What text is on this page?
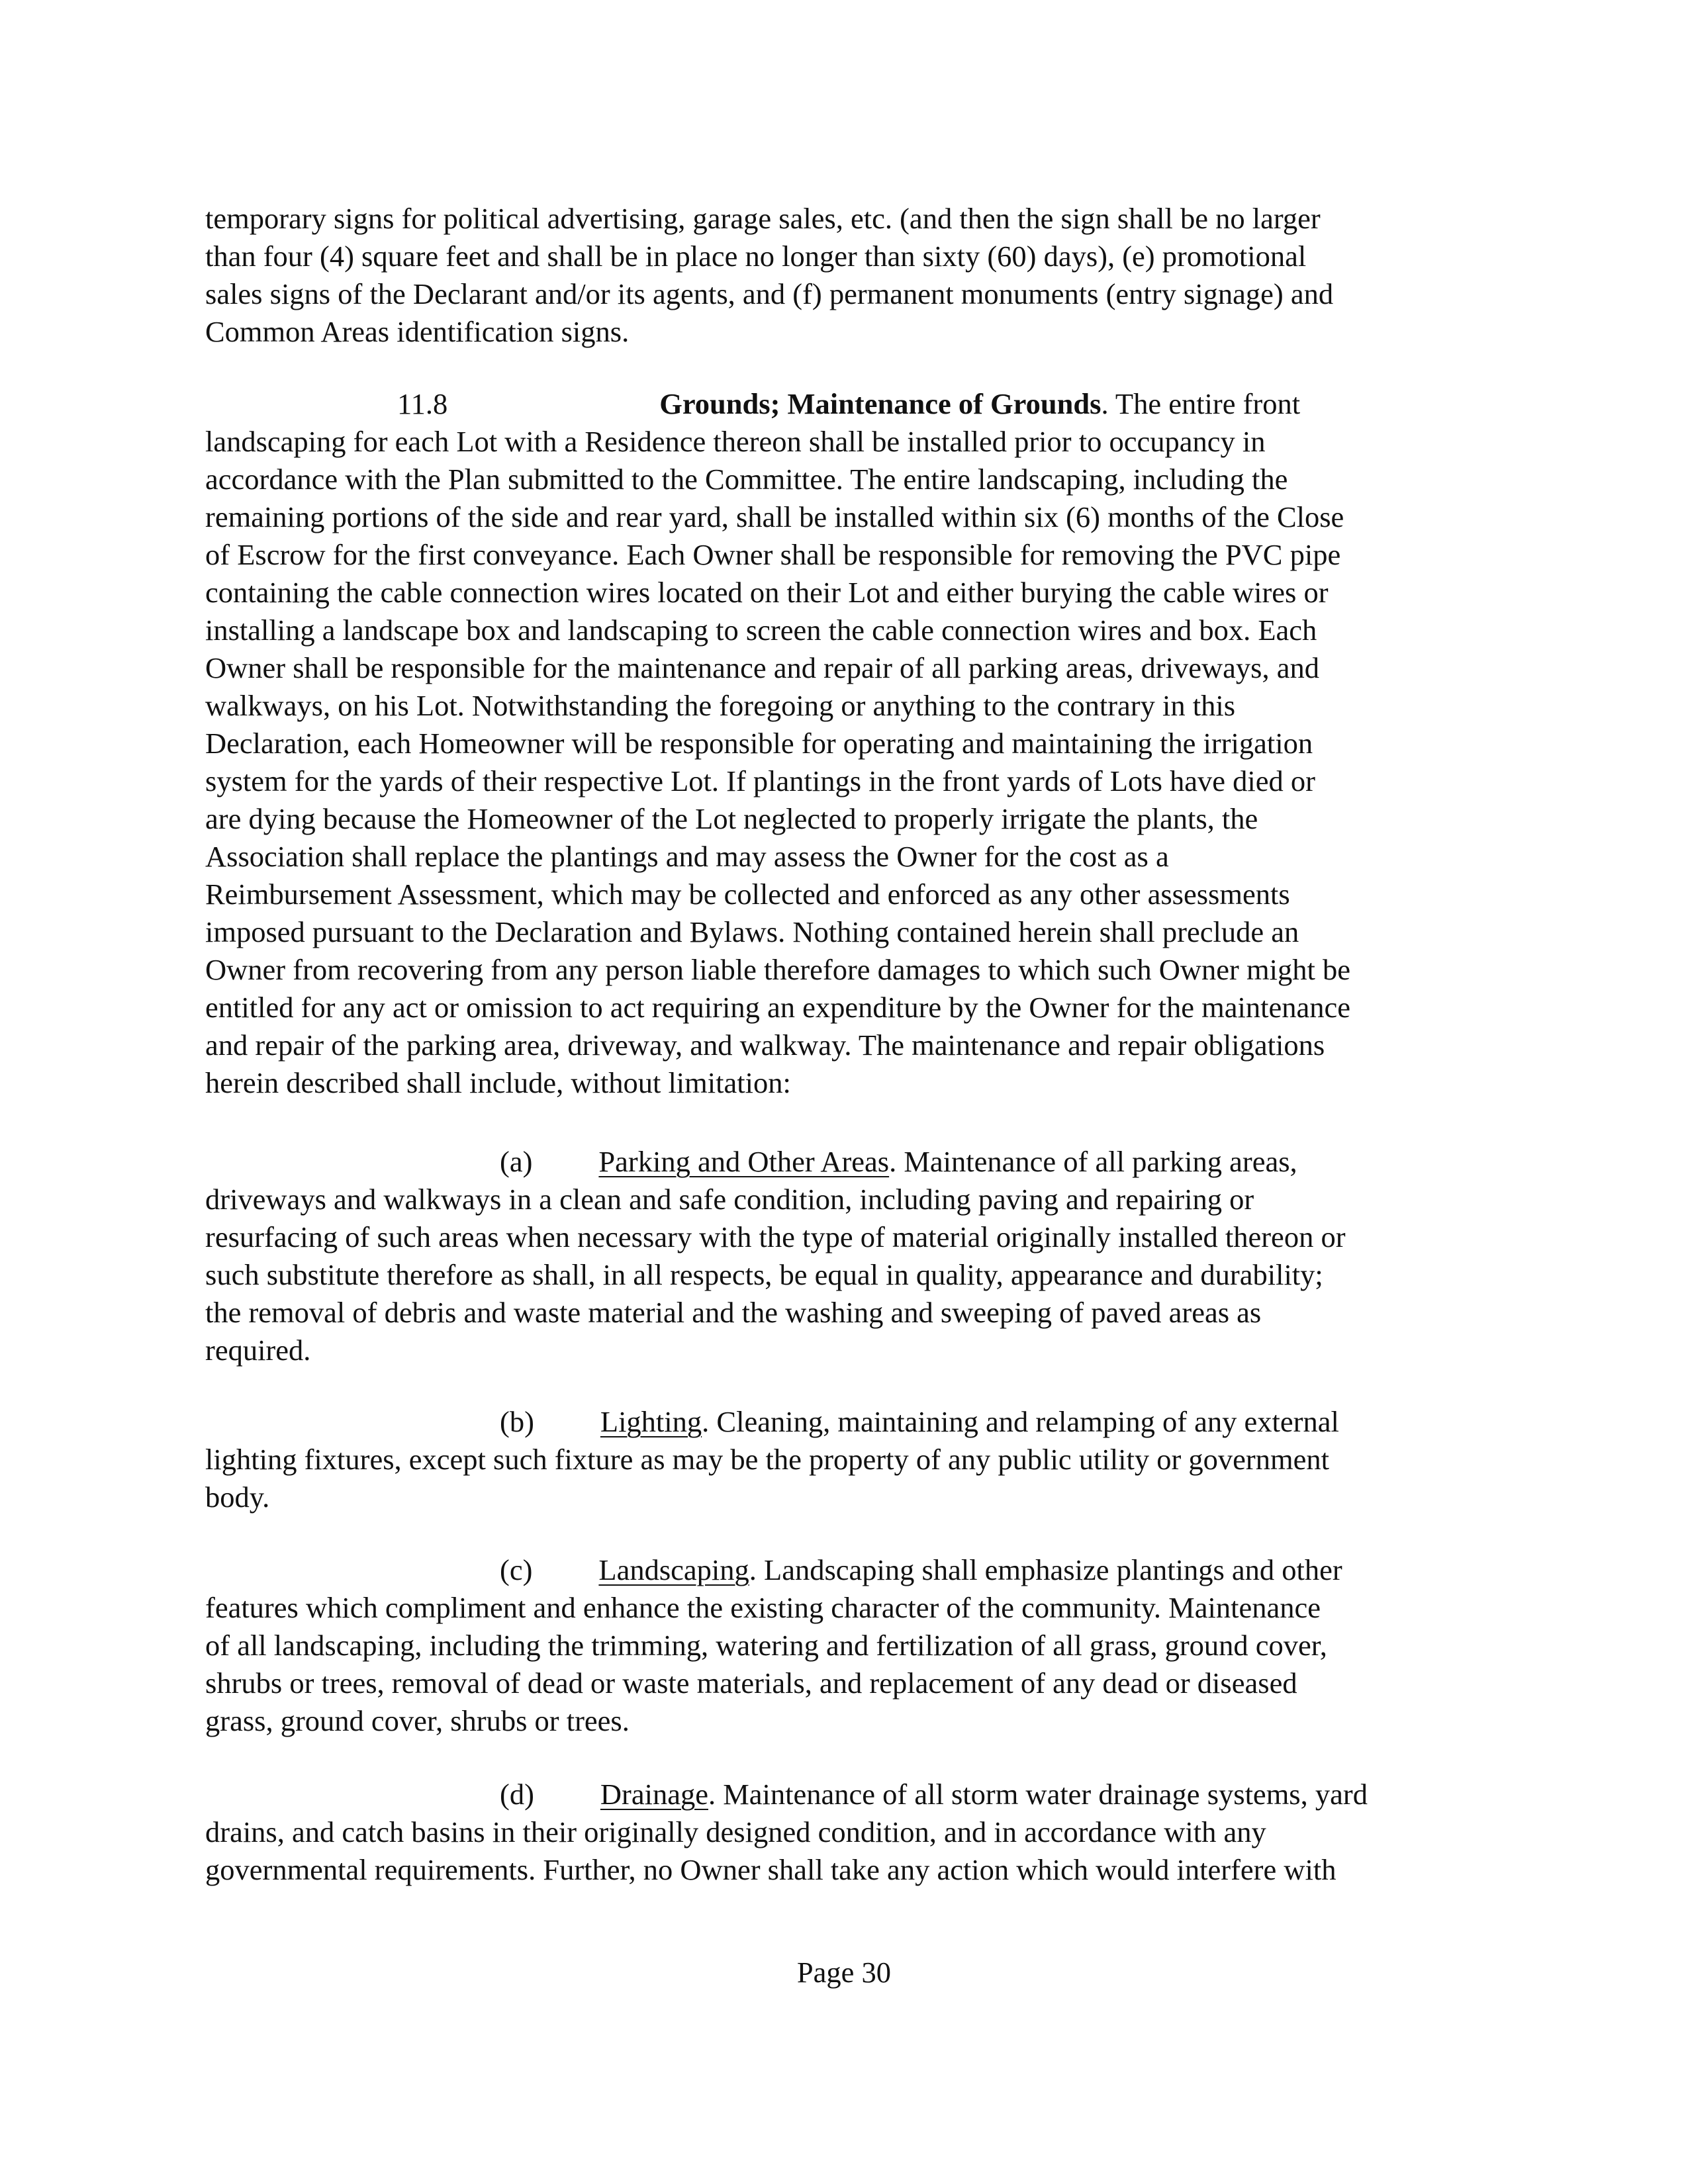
temporary signs for political advertising, garage sales, etc. (and then the sign shall be no larger
than four (4) square feet and shall be in place no longer than sixty (60) days), (e) promotional
sales signs of the Declarant and/or its agents, and (f) permanent monuments (entry signage) and
Common Areas identification signs.
11.8	Grounds; Maintenance of Grounds. The entire front
landscaping for each Lot with a Residence thereon shall be installed prior to occupancy in
accordance with the Plan submitted to the Committee. The entire landscaping, including the
remaining portions of the side and rear yard, shall be installed within six (6) months of the Close
of Escrow for the first conveyance. Each Owner shall be responsible for removing the PVC pipe
containing the cable connection wires located on their Lot and either burying the cable wires or
installing a landscape box and landscaping to screen the cable connection wires and box. Each
Owner shall be responsible for the maintenance and repair of all parking areas, driveways, and
walkways, on his Lot. Notwithstanding the foregoing or anything to the contrary in this
Declaration, each Homeowner will be responsible for operating and maintaining the irrigation
system for the yards of their respective Lot. If plantings in the front yards of Lots have died or
are dying because the Homeowner of the Lot neglected to properly irrigate the plants, the
Association shall replace the plantings and may assess the Owner for the cost as a
Reimbursement Assessment, which may be collected and enforced as any other assessments
imposed pursuant to the Declaration and Bylaws. Nothing contained herein shall preclude an
Owner from recovering from any person liable therefore damages to which such Owner might be
entitled for any act or omission to act requiring an expenditure by the Owner for the maintenance
and repair of the parking area, driveway, and walkway. The maintenance and repair obligations
herein described shall include, without limitation:
(a) Parking and Other Areas. Maintenance of all parking areas,
driveways and walkways in a clean and safe condition, including paving and repairing or
resurfacing of such areas when necessary with the type of material originally installed thereon or
such substitute therefore as shall, in all respects, be equal in quality, appearance and durability;
the removal of debris and waste material and the washing and sweeping of paved areas as
required.
(b) Lighting. Cleaning, maintaining and relamping of any external
lighting fixtures, except such fixture as may be the property of any public utility or government
body.
(c) Landscaping. Landscaping shall emphasize plantings and other
features which compliment and enhance the existing character of the community. Maintenance
of all landscaping, including the trimming, watering and fertilization of all grass, ground cover,
shrubs or trees, removal of dead or waste materials, and replacement of any dead or diseased
grass, ground cover, shrubs or trees.
(d) Drainage. Maintenance of all storm water drainage systems, yard
drains, and catch basins in their originally designed condition, and in accordance with any
governmental requirements. Further, no Owner shall take any action which would interfere with
Page 30
